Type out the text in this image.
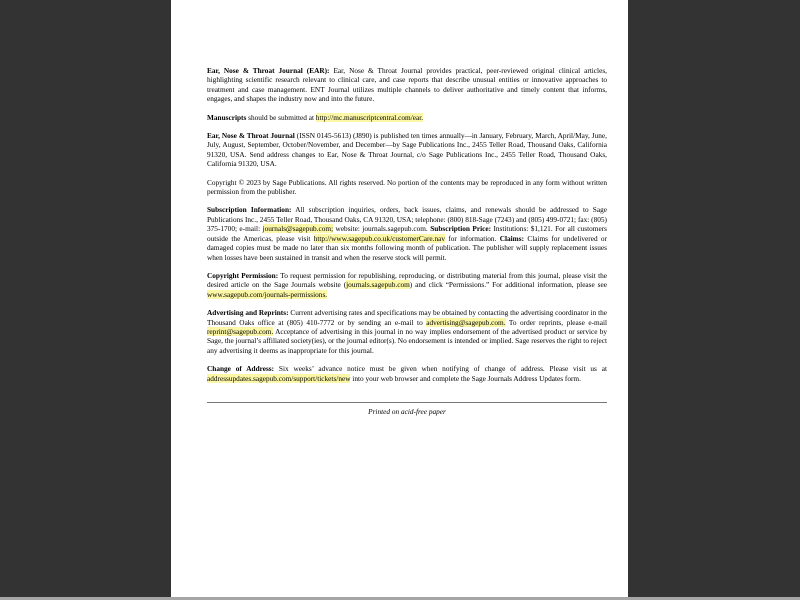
Ear, Nose & Throat Journal (EAR): Ear, Nose & Throat Journal provides practical, peer-reviewed original clinical articles, highlighting scientific research relevant to clinical care, and case reports that describe unusual entities or innovative approaches to treatment and case management. ENT Journal utilizes multiple channels to deliver authoritative and timely content that informs, engages, and shapes the industry now and into the future.

Manuscripts should be submitted at http://mc.manuscriptcentral.com/ear.

Ear, Nose & Throat Journal (ISSN 0145-5613) (J890) is published ten times annually—in January, February, March, April/May, June, July, August, September, October/November, and December—by Sage Publications Inc., 2455 Teller Road, Thousand Oaks, California 91320, USA. Send address changes to Ear, Nose & Throat Journal, c/o Sage Publications Inc., 2455 Teller Road, Thousand Oaks, California 91320, USA.

Copyright © 2023 by Sage Publications. All rights reserved. No portion of the contents may be reproduced in any form without written permission from the publisher.

Subscription Information: All subscription inquiries, orders, back issues, claims, and renewals should be addressed to Sage Publications Inc., 2455 Teller Road, Thousand Oaks, CA 91320, USA; telephone: (800) 818-Sage (7243) and (805) 499-0721; fax: (805) 375-1700; e-mail: journals@sagepub.com; website: journals.sagepub.com. Subscription Price: Institutions: $1,121. For all customers outside the Americas, please visit http://www.sagepub.co.uk/customerCare.nav for information. Claims: Claims for undelivered or damaged copies must be made no later than six months following month of publication. The publisher will supply replacement issues when losses have been sustained in transit and when the reserve stock will permit.

Copyright Permission: To request permission for republishing, reproducing, or distributing material from this journal, please visit the desired article on the Sage Journals website (journals.sagepub.com) and click “Permissions.” For additional information, please see www.sagepub.com/journals-permissions.

Advertising and Reprints: Current advertising rates and specifications may be obtained by contacting the advertising coordinator in the Thousand Oaks office at (805) 410-7772 or by sending an e-mail to advertising@sagepub.com. To order reprints, please e-mail reprint@sagepub.com. Acceptance of advertising in this journal in no way implies endorsement of the advertised product or service by Sage, the journal’s affiliated society(ies), or the journal editor(s). No endorsement is intended or implied. Sage reserves the right to reject any advertising it deems as inappropriate for this journal.

Change of Address: Six weeks’ advance notice must be given when notifying of change of address. Please visit us at addressupdates.sagepub.com/support/tickets/new into your web browser and complete the Sage Journals Address Updates form.

Printed on acid-free paper
